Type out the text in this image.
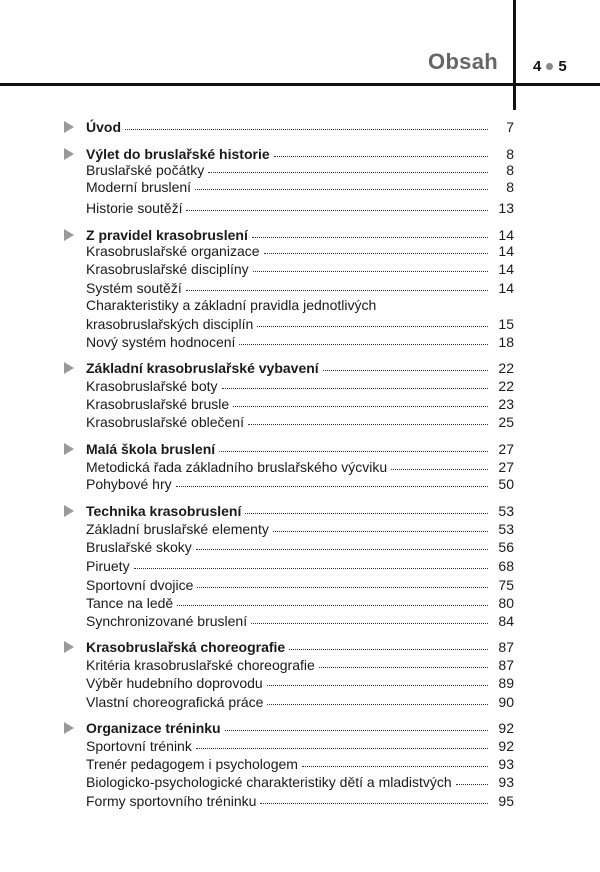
Obsah 4 5
Úvod	7
Výlet do bruslařské historie	8
Bruslařské počátky	8
Moderní bruslení	8
Historie soutěží	13
Z pravidel krasobruslení	14
Krasobruslařské organizace	14
Krasobruslařské disciplíny	14
Systém soutěží	14
Charakteristiky a základní pravidla jednotlivých
krasobruslařských disciplín	15
Nový systém hodnocení	18
Základní krasobruslařské vybavení	22
Krasobruslařské boty	22
Krasobruslařské brusle	23
Krasobruslařské oblečení	25
Malá škola bruslení	27
Metodická řada základního bruslařského výcviku	27
Pohybové hry	50
Technika krasobruslení	53
Základní bruslařské elementy	53
Bruslařské skoky	56
Piruety	68
Sportovní dvojice	75
Tance na ledě	80
Synchronizované bruslení	84
Krasobruslařská choreografie	87
Kritéria krasobruslařské choreografie	87
Výběr hudebního doprovodu	89
Vlastní choreografická práce	90
Organizace tréninku	92
Sportovní trénink	92
Trenér pedagogem i psychologem	93
Biologicko-psychologické charakteristiky dětí a mladistvých	93
Formy sportovního tréninku	95
